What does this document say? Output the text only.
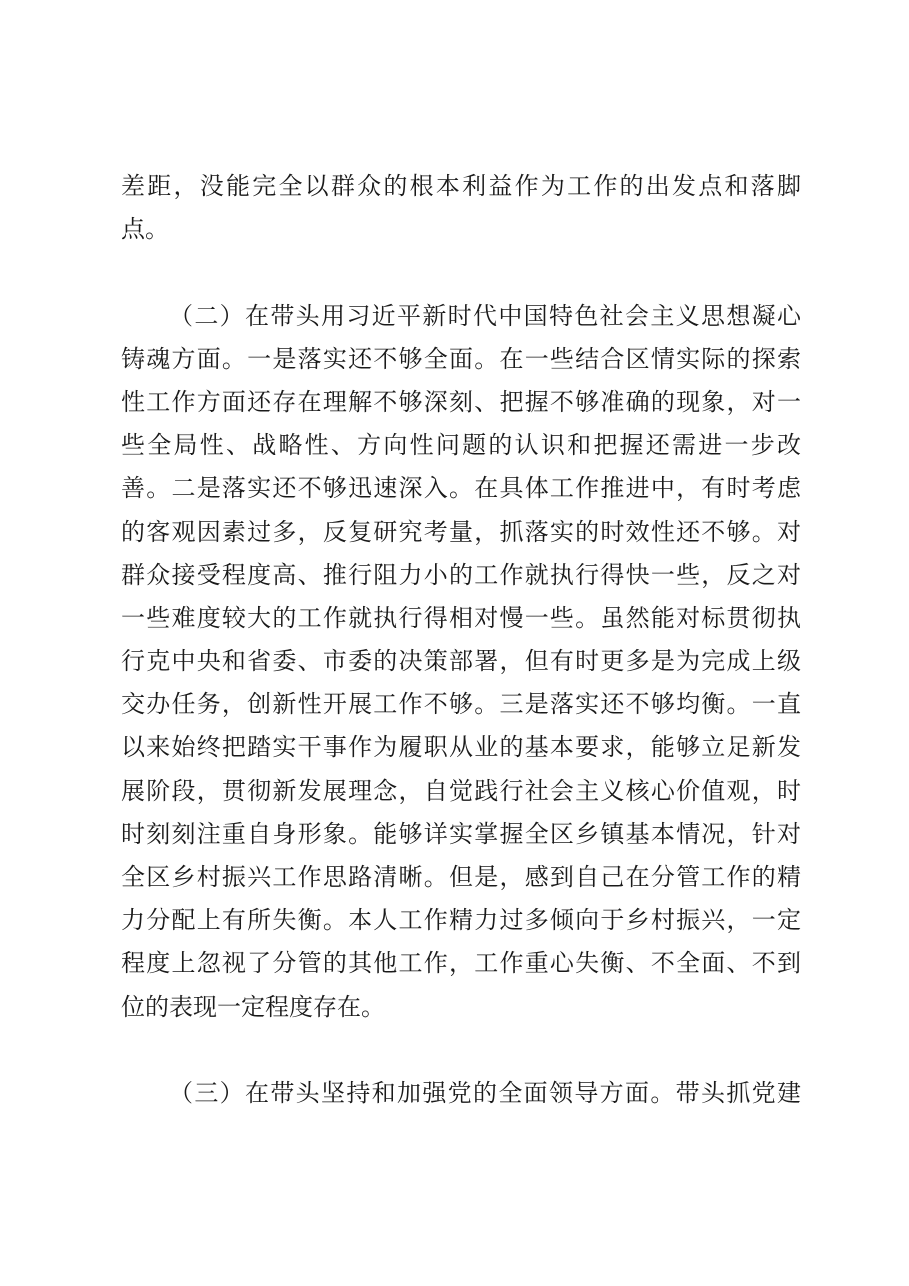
差距，没能完全以群众的根本利益作为工作的出发点和落脚
点。
（二）在带头用习近平新时代中国特色社会主义思想凝心
铸魂方面。一是落实还不够全面。在一些结合区情实际的探索
性工作方面还存在理解不够深刻、把握不够准确的现象，对一
些全局性、战略性、方向性问题的认识和把握还需进一步改
善。二是落实还不够迅速深入。在具体工作推进中，有时考虑
的客观因素过多，反复研究考量，抓落实的时效性还不够。对
群众接受程度高、推行阻力小的工作就执行得快一些，反之对
一些难度较大的工作就执行得相对慢一些。虽然能对标贯彻执
行克中央和省委、市委的决策部署，但有时更多是为完成上级
交办任务，创新性开展工作不够。三是落实还不够均衡。一直
以来始终把踏实干事作为履职从业的基本要求，能够立足新发
展阶段，贯彻新发展理念，自觉践行社会主义核心价值观，时
时刻刻注重自身形象。能够详实掌握全区乡镇基本情况，针对
全区乡村振兴工作思路清晰。但是，感到自己在分管工作的精
力分配上有所失衡。本人工作精力过多倾向于乡村振兴，一定
程度上忽视了分管的其他工作，工作重心失衡、不全面、不到
位的表现一定程度存在。
（三）在带头坚持和加强党的全面领导方面。带头抓党建
